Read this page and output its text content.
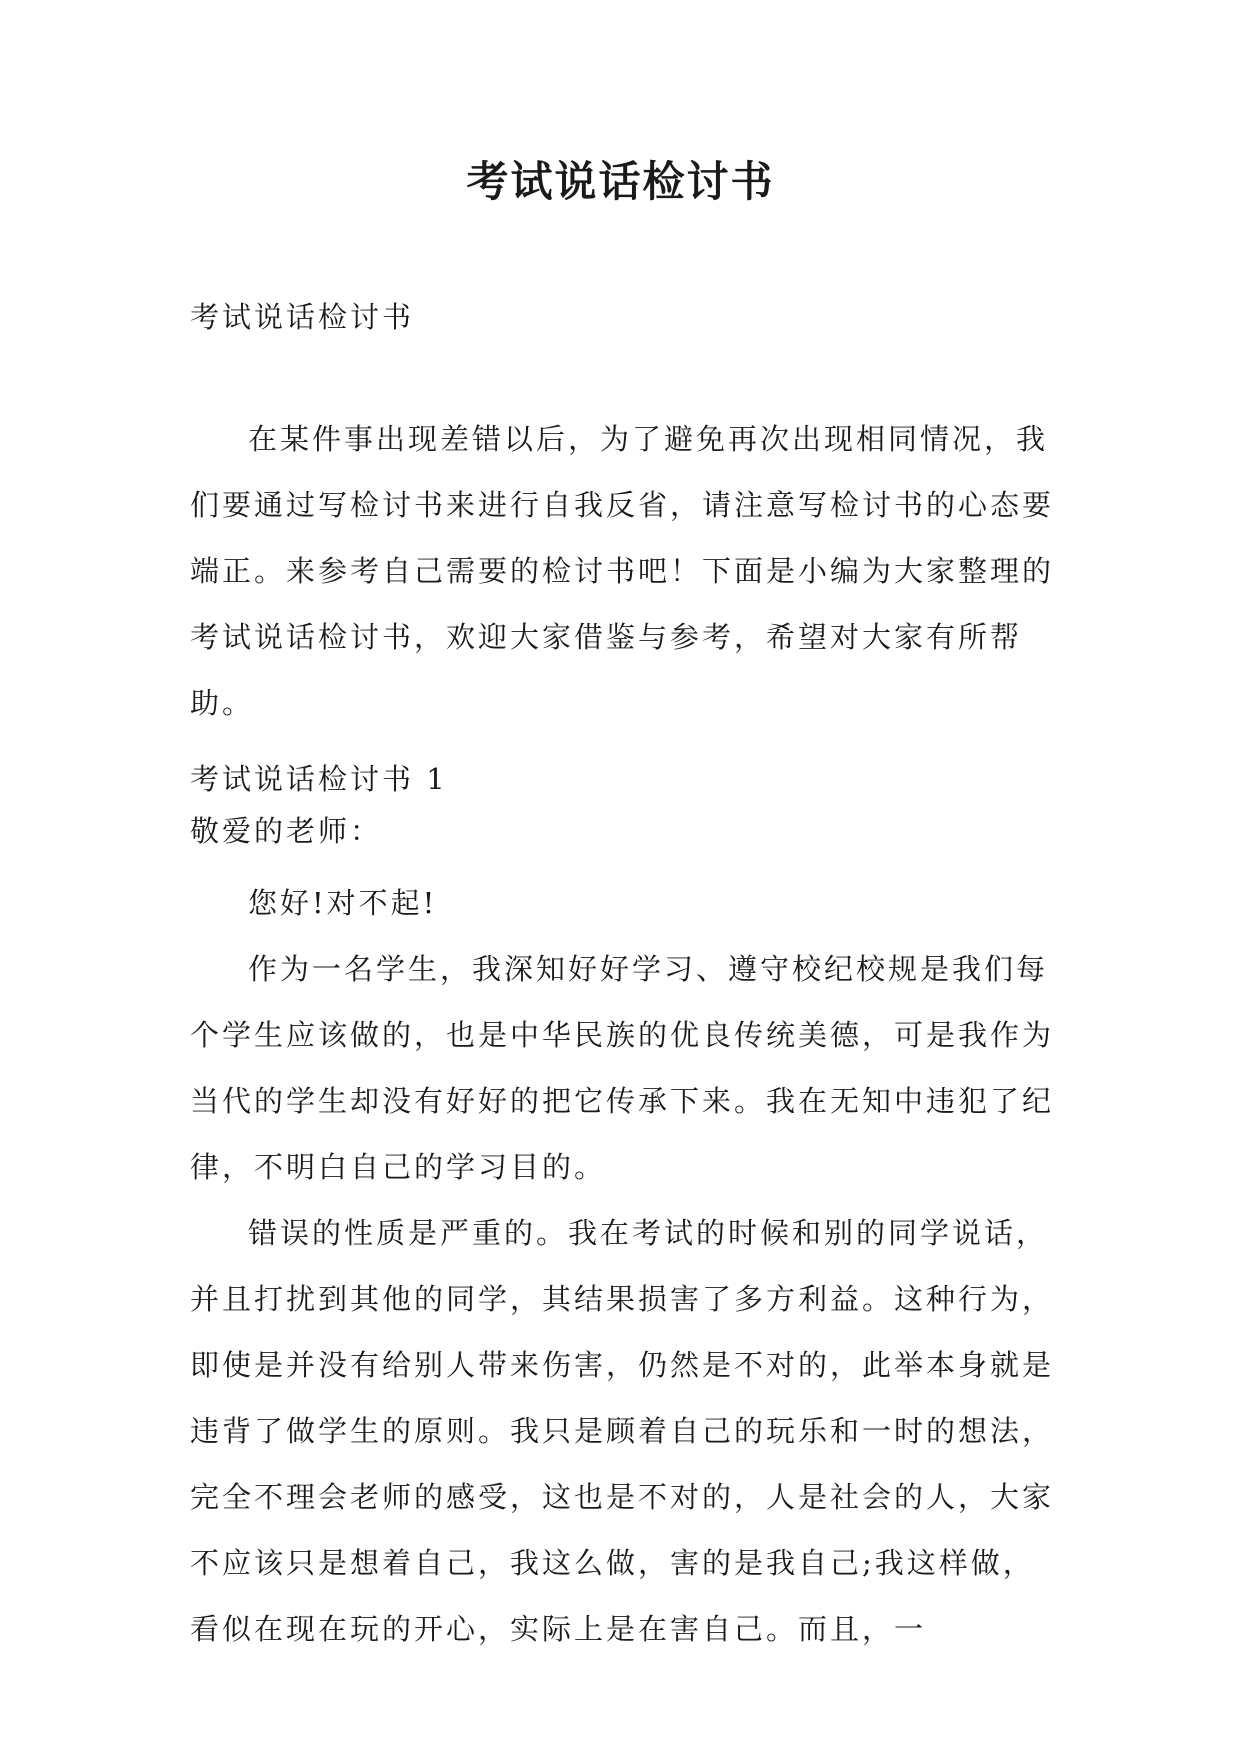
考试说话检讨书
考试说话检讨书

在某件事出现差错以后，为了避免再次出现相同情况，我们要通过写检讨书来进行自我反省，请注意写检讨书的心态要端正。来参考自己需要的检讨书吧！下面是小编为大家整理的考试说话检讨书，欢迎大家借鉴与参考，希望对大家有所帮助。

考试说话检讨书 1
敬爱的老师：

您好!对不起!

作为一名学生，我深知好好学习、遵守校纪校规是我们每个学生应该做的，也是中华民族的优良传统美德，可是我作为当代的学生却没有好好的把它传承下来。我在无知中违犯了纪律，不明白自己的学习目的。

错误的性质是严重的。我在考试的时候和别的同学说话，并且打扰到其他的同学，其结果损害了多方利益。这种行为，即使是并没有给别人带来伤害，仍然是不对的，此举本身就是违背了做学生的原则。我只是顾着自己的玩乐和一时的想法，完全不理会老师的感受，这也是不对的，人是社会的人，大家不应该只是想着自己，我这么做，害的是我自己;我这样做，看似在现在玩的开心，实际上是在害自己。而且，一
